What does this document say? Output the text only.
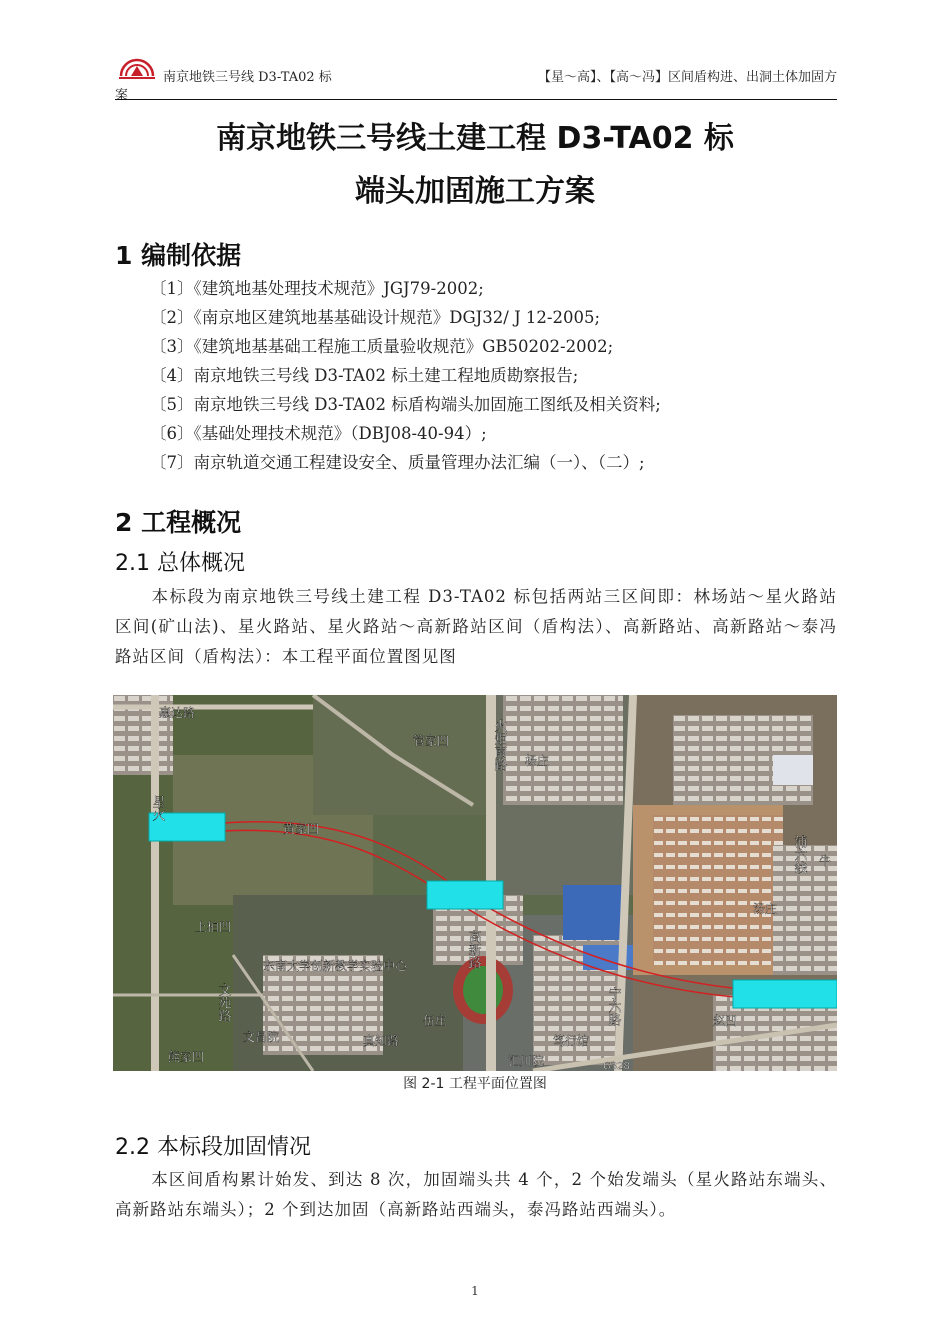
南京地铁三号线 D3-TA02 标
案
【星～高】、【高～冯】区间盾构进、出洞土体加固方
南京地铁三号线土建工程 D3-TA02 标
端头加固施工方案
1 编制依据
〔1〕《建筑地基处理技术规范》JGJ79-2002;
〔2〕《南京地区建筑地基基础设计规范》DGJ32/ J 12-2005;
〔3〕《建筑地基基础工程施工质量验收规范》GB50202-2002;
〔4〕南京地铁三号线 D3-TA02 标土建工程地质勘察报告;
〔5〕南京地铁三号线 D3-TA02 标盾构端头加固施工图纸及相关资料;
〔6〕《基础处理技术规范》（DBJ08-40-94）;
〔7〕南京轨道交通工程建设安全、质量管理办法汇编（一）、（二）;
2 工程概况
2.1 总体概况
本标段为南京地铁三号线土建工程 D3-TA02 标包括两站三区间即：林场站～星火路站区间(矿山法)、星火路站、星火路站～高新路站区间（盾构法）、高新路站、高新路站～泰冯路站区间（盾构法）：本工程平面位置图见图
惠达路
管家凹
杨庄
黄家凹
上柏凹
东南大学创新教学实验中心
文昌院	真知路
伍庄
汤庄
赵凹
熊家凹	汇川院
笃行馆
G328
牛
火炬南路
星火
高新路
宁六路
浦六线
文苑路
图 2-1 工程平面位置图
2.2 本标段加固情况
本区间盾构累计始发、到达 8 次，加固端头共 4 个，2 个始发端头（星火路站东端头、高新路站东端头）；2 个到达加固（高新路站西端头，泰冯路站西端头）。
1
